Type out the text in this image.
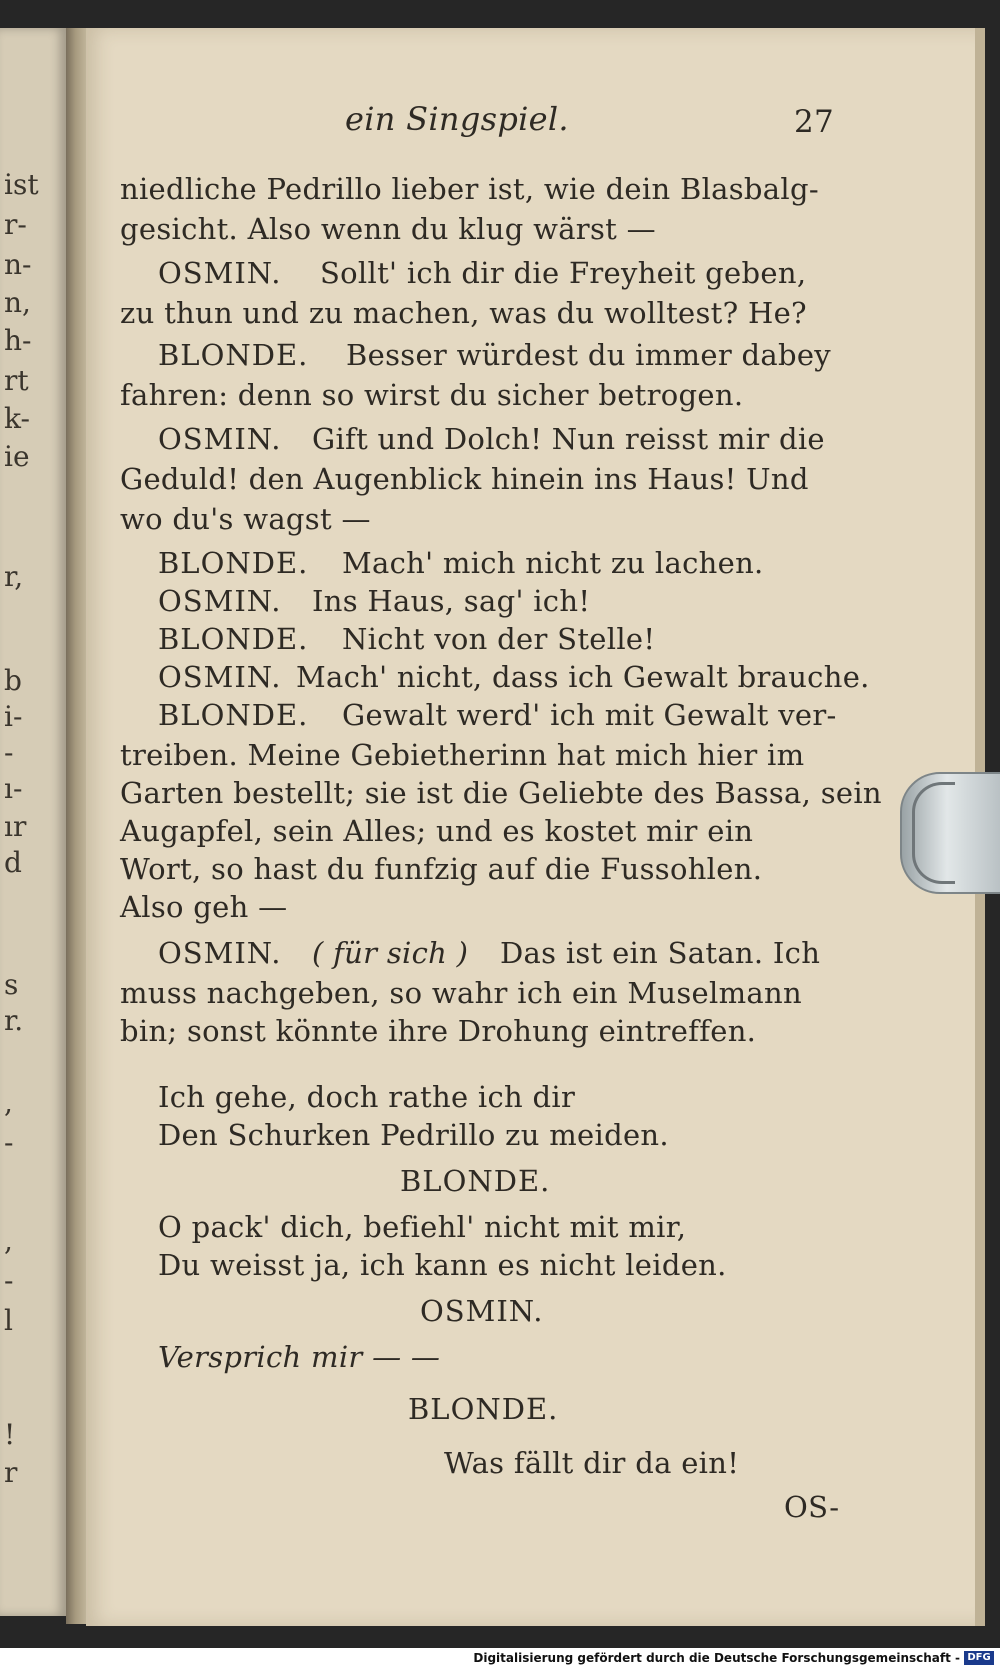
ist
r-
n-
n,
h-
rt
k-
ie
r,
b
i-
-
ı-
ır
d
s
r.
,
-
,
-
l
!
r
ein Singspiel.	27
niedliche Pedrillo lieber ist, wie dein Blasbalg-
gesicht. Also wenn du klug wärst —
OSMIN. Sollt' ich dir die Freyheit geben,
zu thun und zu machen, was du wolltest? He?
BLONDE. Besser würdest du immer dabey
fahren: denn so wirst du sicher betrogen.
OSMIN. Gift und Dolch! Nun reisst mir die
Geduld! den Augenblick hinein ins Haus! Und
wo du's wagst —
BLONDE. Mach' mich nicht zu lachen.
OSMIN. Ins Haus, sag' ich!
BLONDE. Nicht von der Stelle!
OSMIN. Mach' nicht, dass ich Gewalt brauche.
BLONDE. Gewalt werd' ich mit Gewalt ver-
treiben. Meine Gebietherinn hat mich hier im
Garten bestellt; sie ist die Geliebte des Bassa, sein
Augapfel, sein Alles; und es kostet mir ein
Wort, so hast du funfzig auf die Fussohlen.
Also geh —
OSMIN. ( für sich ) Das ist ein Satan. Ich
muss nachgeben, so wahr ich ein Muselmann
bin; sonst könnte ihre Drohung eintreffen.
Ich gehe, doch rathe ich dir
Den Schurken Pedrillo zu meiden.
BLONDE.
O pack' dich, befiehl' nicht mit mir,
Du weisst ja, ich kann es nicht leiden.
OSMIN.
Versprich mir — —
BLONDE.
Was fällt dir da ein!
OS-
Digitalisierung gefördert durch die Deutsche Forschungsgemeinschaft - DFG
